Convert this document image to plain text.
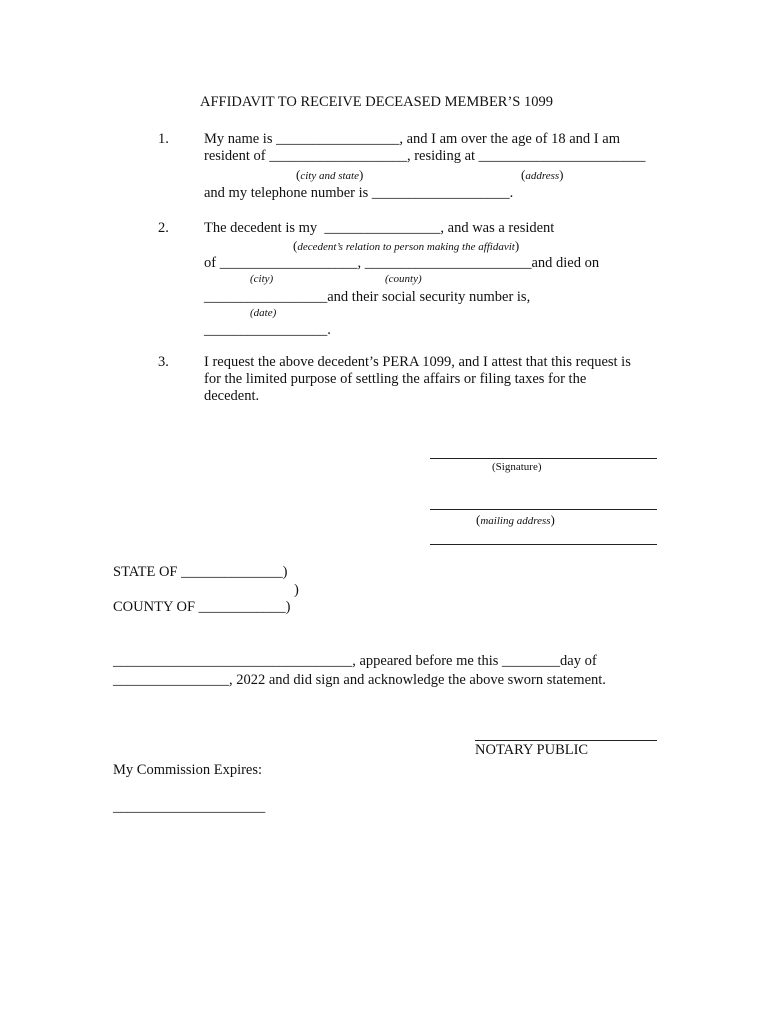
AFFIDAVIT TO RECEIVE DECEASED MEMBER’S 1099
1. My name is _________________, and I am over the age of 18 and I am
resident of ___________________, residing at _______________________
(city and state)	(address)
and my telephone number is ___________________.
2. The decedent is my  ________________, and was a resident
(decedent’s relation to person making the affidavit)
of ___________________, _______________________and died on
(city)	(county)
_________________and their social security number is,
(date)
_________________.
3. I request the above decedent’s PERA 1099, and I attest that this request is
for the limited purpose of settling the affairs or filing taxes for the
decedent.
(Signature)
(mailing address)
STATE OF ______________)
)
COUNTY OF ____________)
_________________________________, appeared before me this ________day of
________________, 2022 and did sign and acknowledge the above sworn statement.
NOTARY PUBLIC
My Commission Expires:
_____________________
